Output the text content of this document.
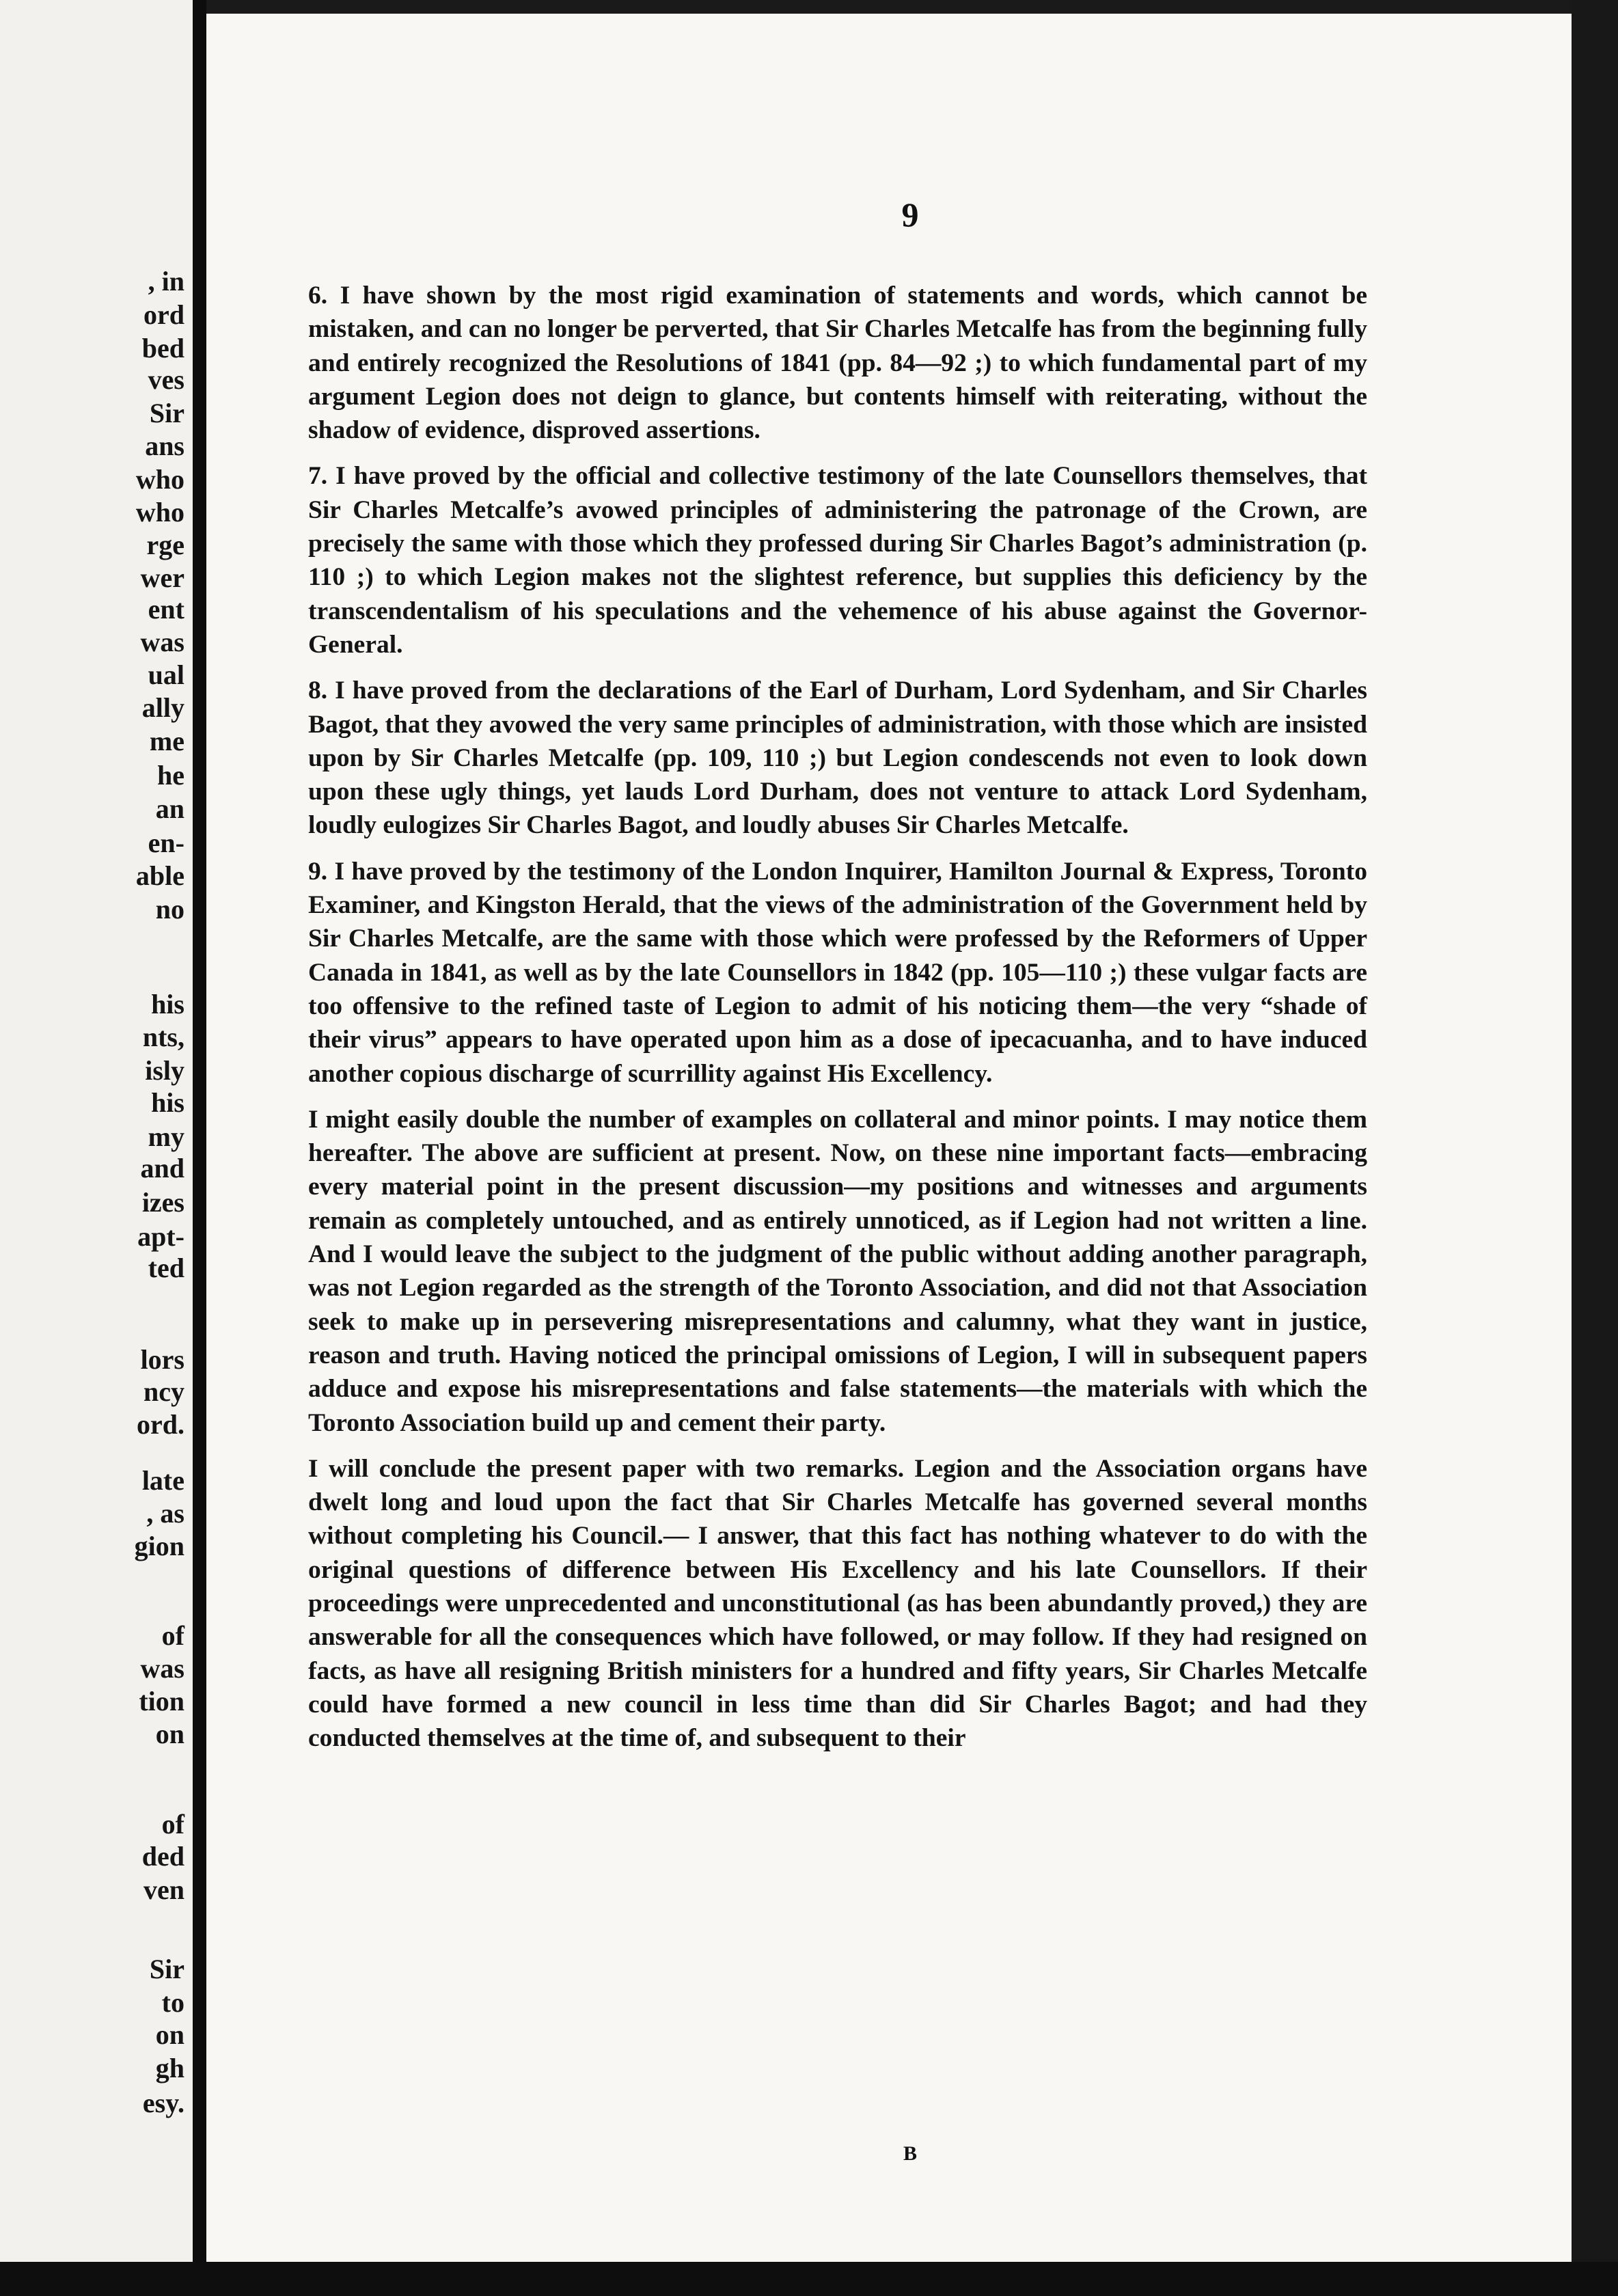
, in

ord

bed

ves

Sir

ans

who

who

rge

wer

ent

was

ual

ally

me

he

an

en-

able

no

his

nts,

isly

his

my

and

izes

apt-

ted

lors

ncy

ord.

late

, as

gion

of

was

tion

on

of

ded

ven

Sir

to

on

gh

esy.

9

6. I have shown by the most rigid examination of statements and words, which cannot be mistaken, and can no longer be perverted, that Sir Charles Metcalfe has from the beginning fully and entirely recognized the Resolutions of 1841 (pp. 84—92 ;) to which fundamental part of my argument Legion does not deign to glance, but contents himself with reiterating, without the shadow of evidence, disproved assertions.

7. I have proved by the official and collective testimony of the late Counsellors themselves, that Sir Charles Metcalfe’s avowed principles of administering the patronage of the Crown, are precisely the same with those which they professed during Sir Charles Bagot’s administration (p. 110 ;) to which Legion makes not the slightest reference, but supplies this deficiency by the transcendentalism of his speculations and the vehemence of his abuse against the Governor-General.

8. I have proved from the declarations of the Earl of Durham, Lord Sydenham, and Sir Charles Bagot, that they avowed the very same principles of administration, with those which are insisted upon by Sir Charles Metcalfe (pp. 109, 110 ;) but Legion condescends not even to look down upon these ugly things, yet lauds Lord Durham, does not venture to attack Lord Sydenham, loudly eulogizes Sir Charles Bagot, and loudly abuses Sir Charles Metcalfe.

9. I have proved by the testimony of the London Inquirer, Hamilton Journal & Express, Toronto Examiner, and Kingston Herald, that the views of the administration of the Government held by Sir Charles Metcalfe, are the same with those which were professed by the Reformers of Upper Canada in 1841, as well as by the late Counsellors in 1842 (pp. 105—110 ;) these vulgar facts are too offensive to the refined taste of Legion to admit of his noticing them—the very “shade of their virus” appears to have operated upon him as a dose of ipecacuanha, and to have induced another copious discharge of scurrillity against His Excellency.

I might easily double the number of examples on collateral and minor points. I may notice them hereafter. The above are sufficient at present. Now, on these nine important facts—embracing every material point in the present discussion—my positions and witnesses and arguments remain as completely untouched, and as entirely unnoticed, as if Legion had not written a line. And I would leave the subject to the judgment of the public without adding another paragraph, was not Legion regarded as the strength of the Toronto Association, and did not that Association seek to make up in persevering misrepresentations and calumny, what they want in justice, reason and truth. Having noticed the principal omissions of Legion, I will in subsequent papers adduce and expose his misrepresentations and false statements—the materials with which the Toronto Association build up and cement their party.

I will conclude the present paper with two remarks. Legion and the Association organs have dwelt long and loud upon the fact that Sir Charles Metcalfe has governed several months without completing his Council.— I answer, that this fact has nothing whatever to do with the original questions of difference between His Excellency and his late Counsellors. If their proceedings were unprecedented and unconstitutional (as has been abundantly proved,) they are answerable for all the consequences which have followed, or may follow. If they had resigned on facts, as have all resigning British ministers for a hundred and fifty years, Sir Charles Metcalfe could have formed a new council in less time than did Sir Charles Bagot; and had they conducted themselves at the time of, and subsequent to their

B
